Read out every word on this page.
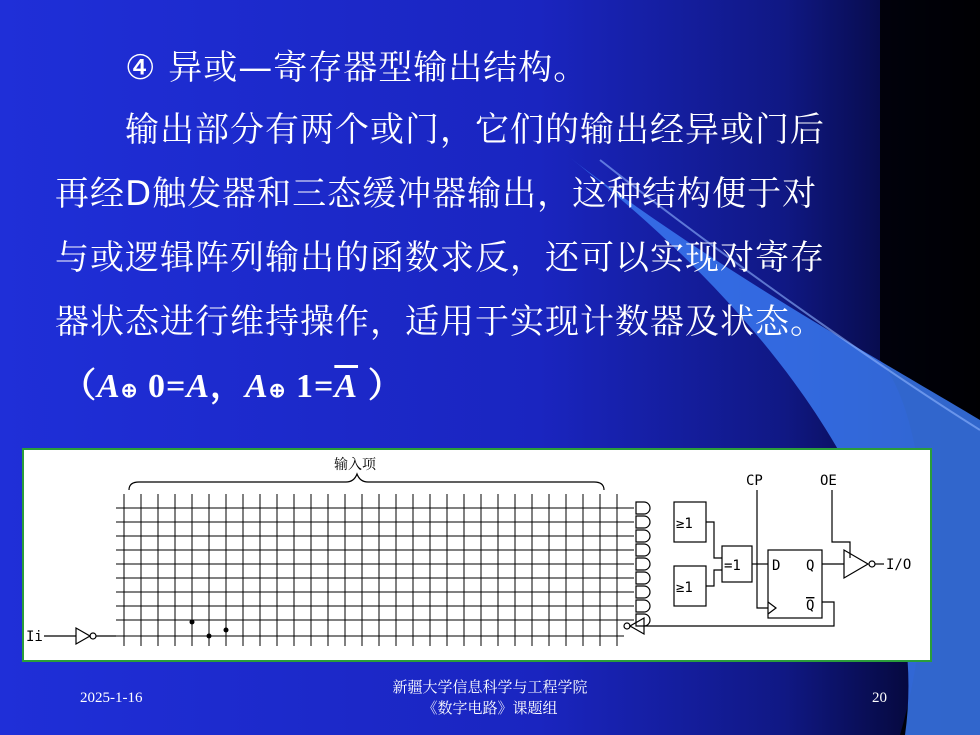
④ 异或—寄存器型输出结构。
输出部分有两个或门，它们的输出经异或门后
再经D触发器和三态缓冲器输出，这种结构便于对
与或逻辑阵列输出的函数求反，还可以实现对寄存
器状态进行维持操作，适用于实现计数器及状态。
（A⊕ 0=A，A⊕ $1=\overline{A}$ ）
输入项
CP	OE
≥1
≥1
=1 D Q
Q
I/O
Ii
2025-1-16
新疆大学信息科学与工程学院
《数字电路》课题组
20
